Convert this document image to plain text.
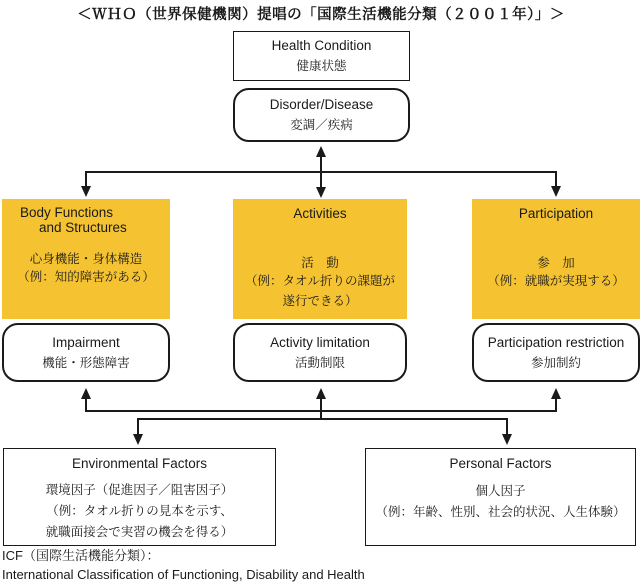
＜ＷＨＯ（世界保健機関）提唱の「国際生活機能分類（２００１年）」＞
Health Condition
健康状態
Disorder/Disease
変調／疾病
Body Functions
and Structures
心身機能・身体構造
（例：知的障害がある）
Activities
活　動
（例：タオル折りの課題が
遂行できる）
Participation
参　加
（例：就職が実現する）
Impairment
機能・形態障害
Activity limitation
活動制限
Participation restriction
参加制約
Environmental Factors
環境因子（促進因子／阻害因子）
（例：タオル折りの見本を示す、
就職面接会で実習の機会を得る）
Personal Factors
個人因子
（例：年齢、性別、社会的状況、人生体験）
ICF（国際生活機能分類）：
International Classification of Functioning, Disability and Health
